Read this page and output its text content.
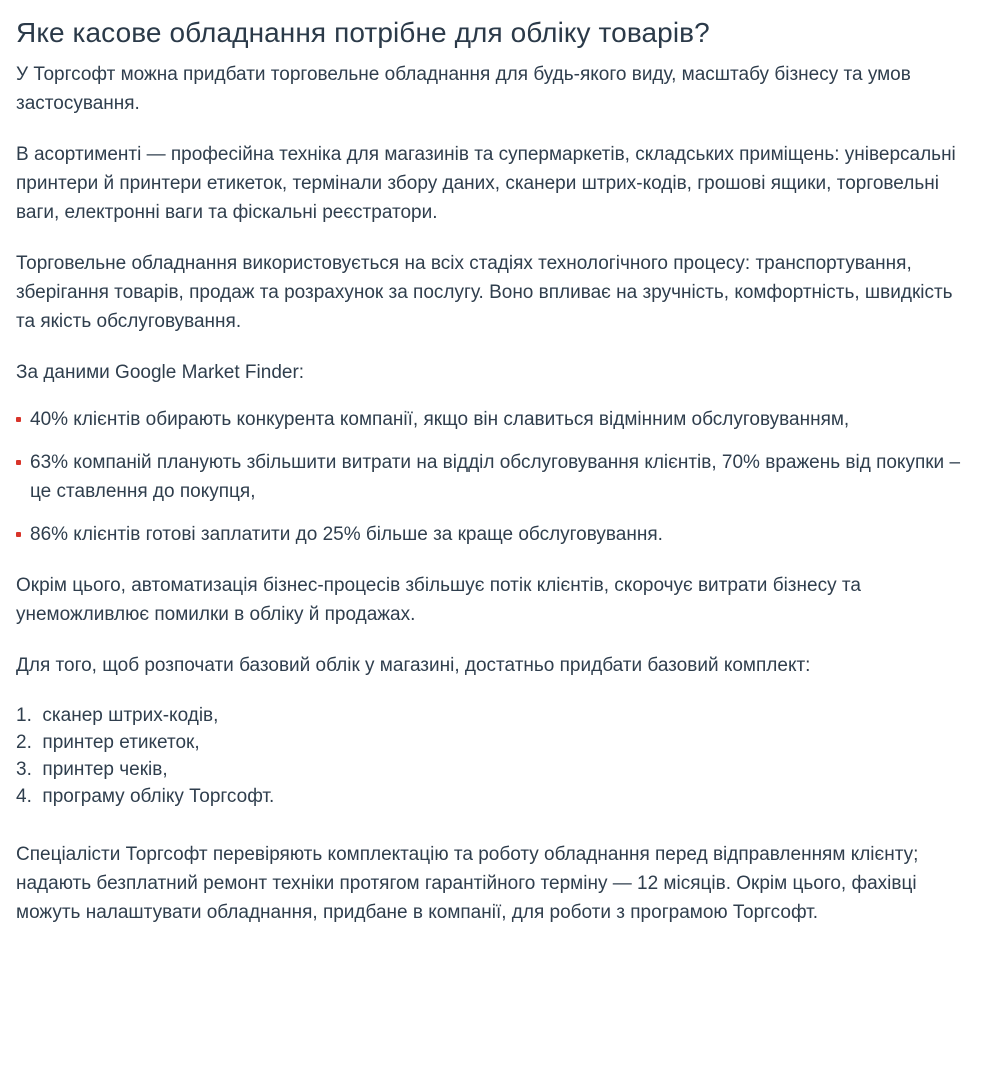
Яке касове обладнання потрібне для обліку товарів?

У Торгсофт можна придбати торговельне обладнання для будь-якого виду, масштабу бізнесу та умов застосування.

В асортименті — професійна техніка для магазинів та супермаркетів, складських приміщень: універсальні принтери й принтери етикеток, термінали збору даних, сканери штрих-кодів, грошові ящики, торговельні ваги, електронні ваги та фіскальні реєстратори.

Торговельне обладнання використовується на всіх стадіях технологічного процесу: транспортування, зберігання товарів, продаж та розрахунок за послугу. Воно впливає на зручність, комфортність, швидкість та якість обслуговування.

За даними Google Market Finder:

40% клієнтів обирають конкурента компанії, якщо він славиться відмінним обслуговуванням,
63% компаній планують збільшити витрати на відділ обслуговування клієнтів, 70% вражень від покупки – це ставлення до покупця,
86% клієнтів готові заплатити до 25% більше за краще обслуговування.

Окрім цього, автоматизація бізнес-процесів збільшує потік клієнтів, скорочує витрати бізнесу та унеможливлює помилки в обліку й продажах.

Для того, щоб розпочати базовий облік у магазині, достатньо придбати базовий комплект:

1.  сканер штрих-кодів,
2.  принтер етикеток,
3.  принтер чеків,
4.  програму обліку Торгсофт.

Спеціалісти Торгсофт перевіряють комплектацію та роботу обладнання перед відправленням клієнту; надають безплатний ремонт техніки протягом гарантійного терміну — 12 місяців. Окрім цього, фахівці можуть налаштувати обладнання, придбане в компанії, для роботи з програмою Торгсофт.
